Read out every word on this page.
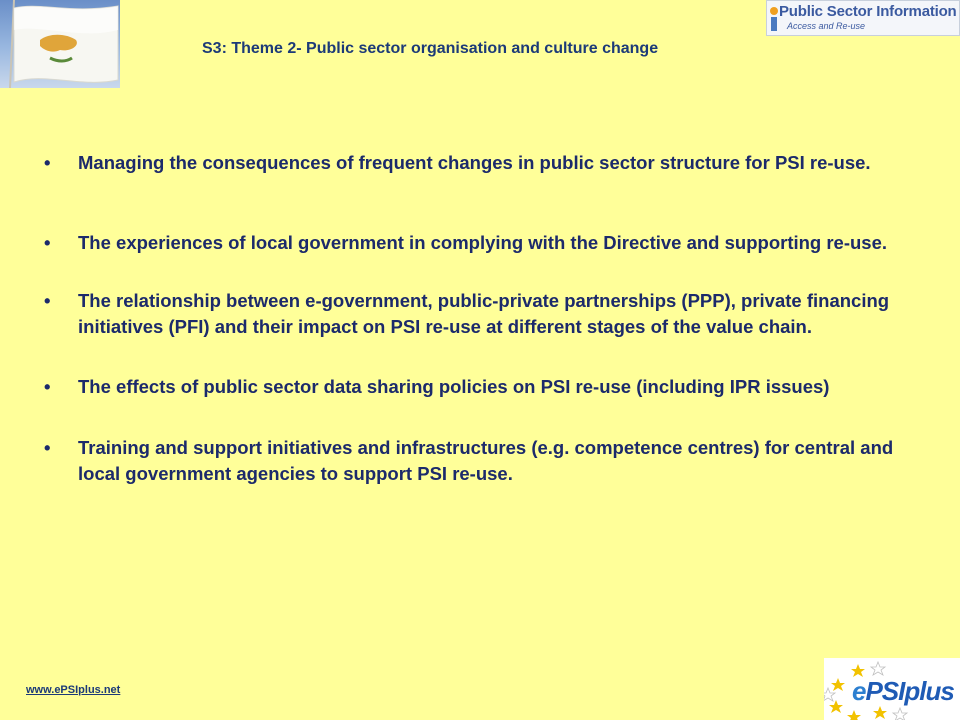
Public Sector Information
Access and Re-use
S3: Theme 2- Public sector organisation and culture change
• Managing the consequences of frequent changes in public sector structure for PSI re-use.
• The experiences of local government in complying with the Directive and supporting re-use.
• The relationship between e-government, public-private partnerships (PPP), private financing initiatives (PFI) and their impact on PSI re-use at different stages of the value chain.
• The effects of public sector data sharing policies on PSI re-use (including IPR issues)
• Training and support initiatives and infrastructures (e.g. competence centres) for central and local government agencies to support PSI re-use.
www.ePSIplus.net	ePSIplus
